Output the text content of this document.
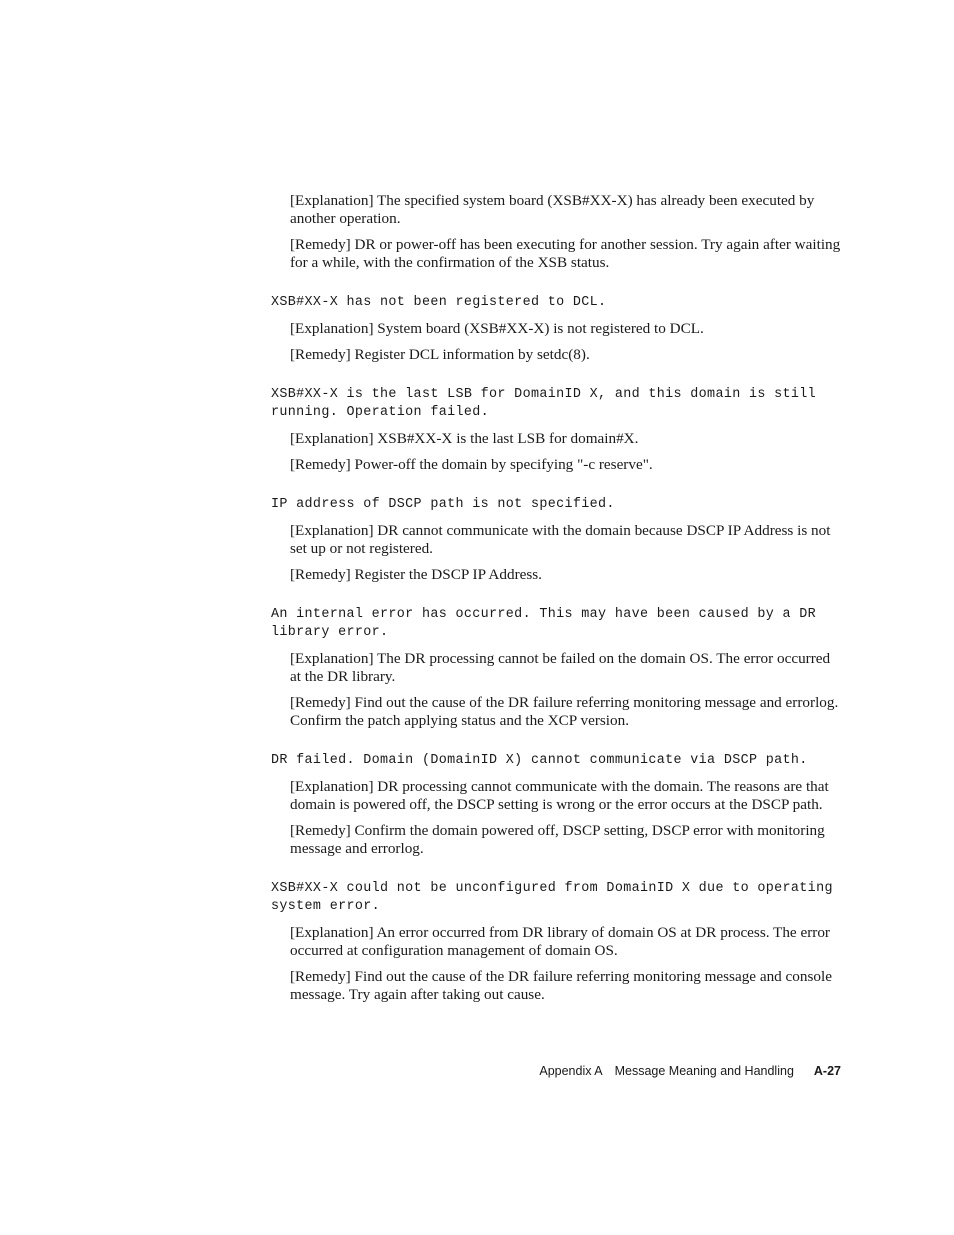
[Explanation] The specified system board (XSB#XX-X) has already been executed by another operation.

[Remedy] DR or power-off has been executing for another session. Try again after waiting for a while, with the confirmation of the XSB status.

XSB#XX-X has not been registered to DCL.

[Explanation] System board (XSB#XX-X) is not registered to DCL.

[Remedy] Register DCL information by setdc(8).

XSB#XX-X is the last LSB for DomainID X, and this domain is still running. Operation failed.

[Explanation] XSB#XX-X is the last LSB for domain#X.

[Remedy] Power-off the domain by specifying "-c reserve".

IP address of DSCP path is not specified.

[Explanation] DR cannot communicate with the domain because DSCP IP Address is not set up or not registered.

[Remedy] Register the DSCP IP Address.

An internal error has occurred. This may have been caused by a DR library error.

[Explanation] The DR processing cannot be failed on the domain OS. The error occurred at the DR library.

[Remedy] Find out the cause of the DR failure referring monitoring message and errorlog. Confirm the patch applying status and the XCP version.

DR failed. Domain (DomainID X) cannot communicate via DSCP path.

[Explanation] DR processing cannot communicate with the domain. The reasons are that domain is powered off, the DSCP setting is wrong or the error occurs at the DSCP path.

[Remedy] Confirm the domain powered off, DSCP setting, DSCP error with monitoring message and errorlog.

XSB#XX-X could not be unconfigured from DomainID X due to operating system error.

[Explanation] An error occurred from DR library of domain OS at DR process. The error occurred at configuration management of domain OS.

[Remedy] Find out the cause of the DR failure referring monitoring message and console message. Try again after taking out cause.

Appendix A Message Meaning and Handling A-27
